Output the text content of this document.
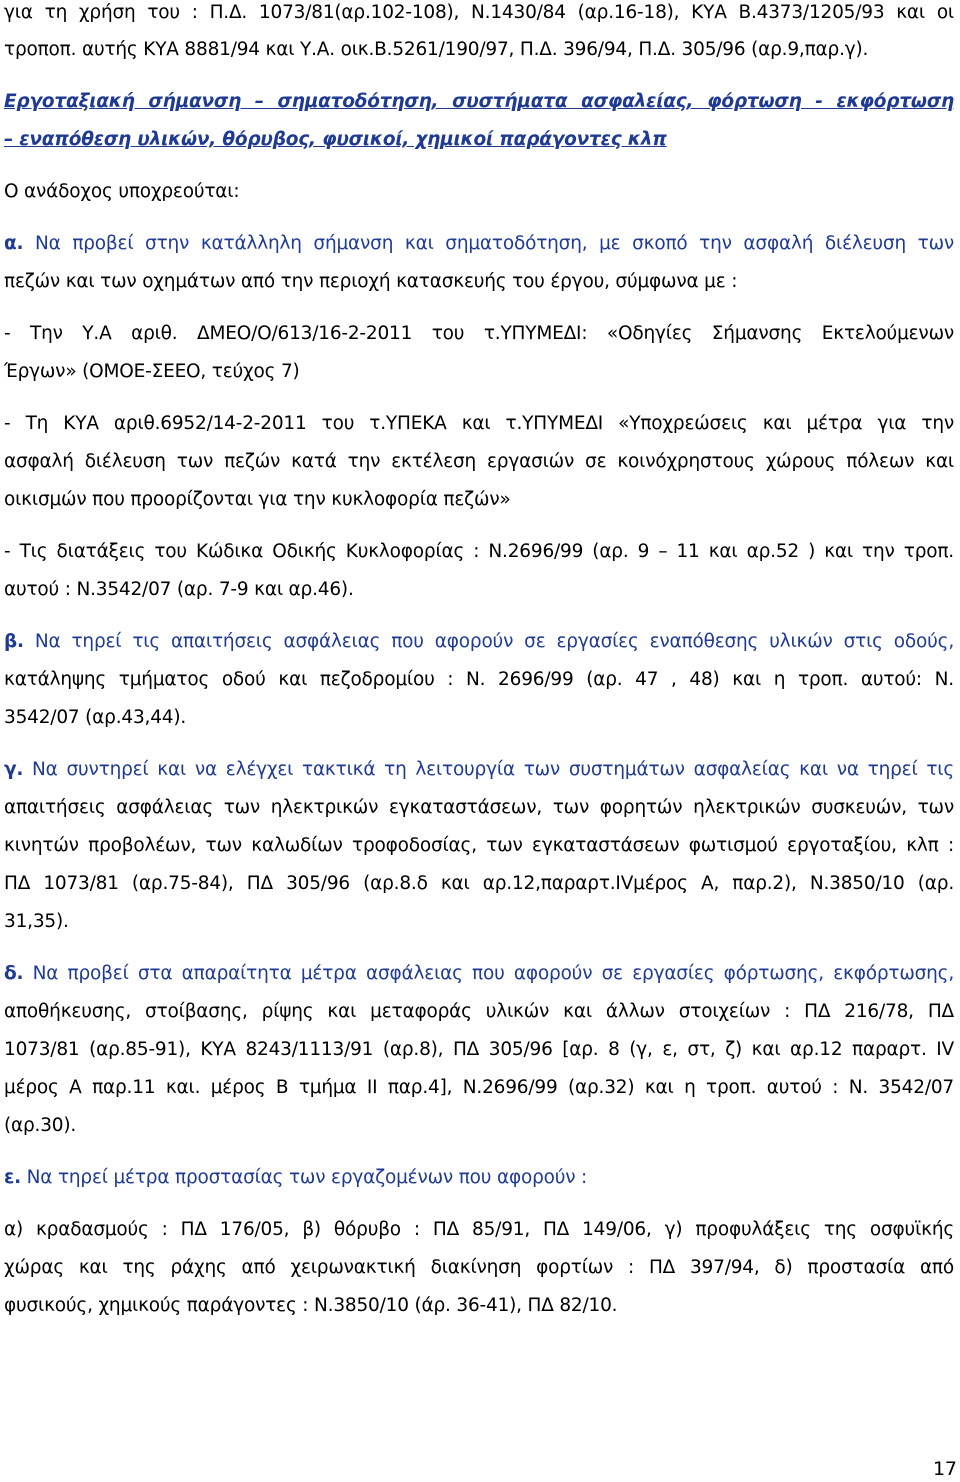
για τη χρήση του : Π.Δ. 1073/81(αρ.102-108), Ν.1430/84 (αρ.16-18), ΚΥΑ Β.4373/1205/93 και οι
τροποπ. αυτής ΚΥΑ 8881/94 και Υ.Α. οικ.Β.5261/190/97, Π.Δ. 396/94, Π.Δ. 305/96 (αρ.9,παρ.γ).
Εργοταξιακή σήμανση – σηματοδότηση, συστήματα ασφαλείας, φόρτωση - εκφόρτωση
– εναπόθεση υλικών, θόρυβος, φυσικοί, χημικοί παράγοντες κλπ
Ο ανάδοχος υποχρεούται:
α. Να προβεί στην κατάλληλη σήμανση και σηματοδότηση, με σκοπό την ασφαλή διέλευση των
πεζών και των οχημάτων από την περιοχή κατασκευής του έργου, σύμφωνα με :
- Την Υ.Α αριθ. ΔΜΕΟ/Ο/613/16-2-2011 του τ.ΥΠΥΜΕΔΙ: «Οδηγίες Σήμανσης Εκτελούμενων
Έργων» (ΟΜΟΕ-ΣΕΕΟ, τεύχος 7)
- Τη ΚΥΑ αριθ.6952/14-2-2011 του τ.ΥΠΕΚΑ και τ.ΥΠΥΜΕΔΙ «Υποχρεώσεις και μέτρα για την
ασφαλή διέλευση των πεζών κατά την εκτέλεση εργασιών σε κοινόχρηστους χώρους πόλεων και
οικισμών που προορίζονται για την κυκλοφορία πεζών»
- Τις διατάξεις του Κώδικα Οδικής Κυκλοφορίας : Ν.2696/99 (αρ. 9 – 11 και αρ.52 ) και την τροπ.
αυτού : Ν.3542/07 (αρ. 7-9 και αρ.46).
β. Να τηρεί τις απαιτήσεις ασφάλειας που αφορούν σε εργασίες εναπόθεσης υλικών στις οδούς,
κατάληψης τμήματος οδού και πεζοδρομίου : Ν. 2696/99 (αρ. 47 , 48) και η τροπ. αυτού: Ν.
3542/07 (αρ.43,44).
γ. Να συντηρεί και να ελέγχει τακτικά τη λειτουργία των συστημάτων ασφαλείας και να τηρεί τις
απαιτήσεις ασφάλειας των ηλεκτρικών εγκαταστάσεων, των φορητών ηλεκτρικών συσκευών, των
κινητών προβολέων, των καλωδίων τροφοδοσίας, των εγκαταστάσεων φωτισμού εργοταξίου, κλπ :
ΠΔ 1073/81 (αρ.75-84), ΠΔ 305/96 (αρ.8.δ και αρ.12,παραρτ.IVμέρος Α, παρ.2), Ν.3850/10 (αρ.
31,35).
δ. Να προβεί στα απαραίτητα μέτρα ασφάλειας που αφορούν σε εργασίες φόρτωσης, εκφόρτωσης,
αποθήκευσης, στοίβασης, ρίψης και μεταφοράς υλικών και άλλων στοιχείων : ΠΔ 216/78, ΠΔ
1073/81 (αρ.85-91), ΚΥΑ 8243/1113/91 (αρ.8), ΠΔ 305/96 [αρ. 8 (γ, ε, στ, ζ) και αρ.12 παραρτ. IV
μέρος Α παρ.11 και. μέρος Β τμήμα ΙΙ παρ.4], Ν.2696/99 (αρ.32) και η τροπ. αυτού : Ν. 3542/07
(αρ.30).
ε. Να τηρεί μέτρα προστασίας των εργαζομένων που αφορούν :
α) κραδασμούς : ΠΔ 176/05, β) θόρυβο : ΠΔ 85/91, ΠΔ 149/06, γ) προφυλάξεις της οσφυϊκής
χώρας και της ράχης από χειρωνακτική διακίνηση φορτίων : ΠΔ 397/94, δ) προστασία από
φυσικούς, χημικούς παράγοντες : Ν.3850/10 (άρ. 36-41), ΠΔ 82/10.
17
